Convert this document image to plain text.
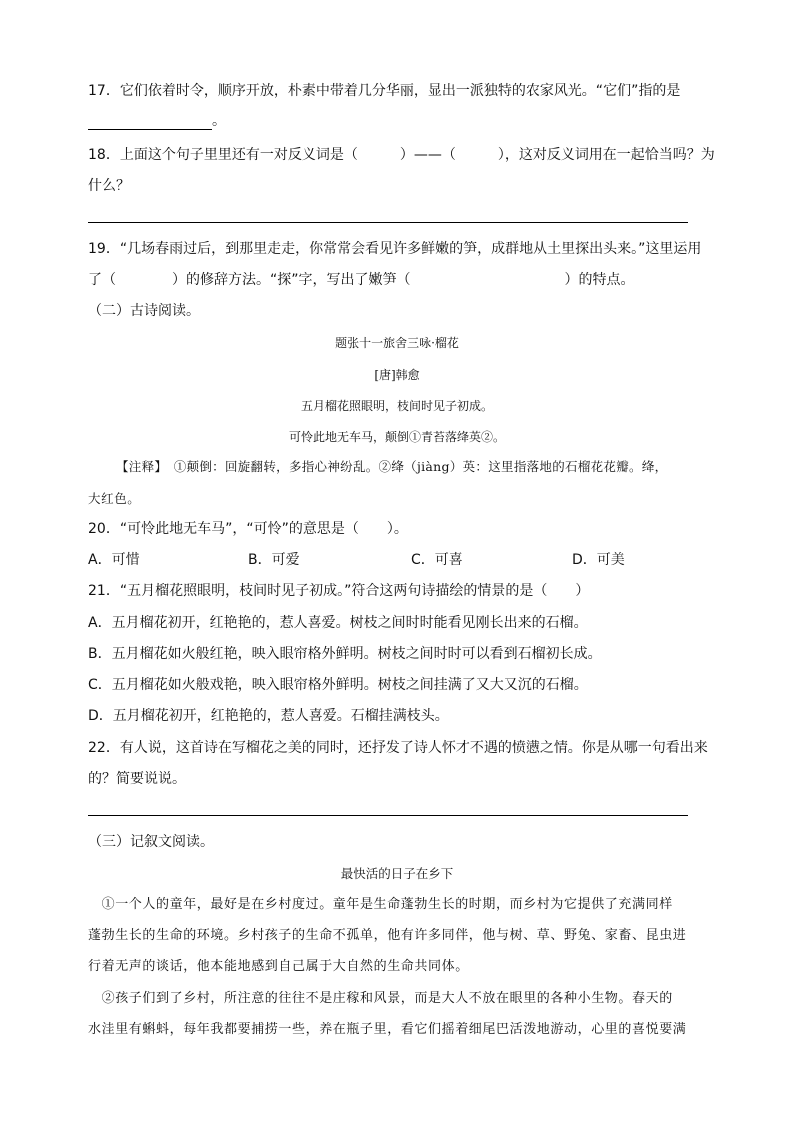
17．它们依着时令，顺序开放，朴素中带着几分华丽，显出一派独特的农家风光。“它们”指的是
。
18．上面这个句子里里还有一对反义词是（　　　）——（　　　），这对反义词用在一起恰当吗？为
什么？
19．“几场春雨过后，到那里走走，你常常会看见许多鲜嫩的笋，成群地从土里探出头来。”这里运用
了（　　　　）的修辞方法。“探”字，写出了嫩笋（　　　　　　　　　　　）的特点。
（二）古诗阅读。
题张十一旅舍三咏·榴花
[唐]韩愈
五月榴花照眼明，枝间时见子初成。
可怜此地无车马，颠倒①青苔落绛英②。
【注释】　①颠倒：回旋翻转，多指心神纷乱。②绛（jiàng）英：这里指落地的石榴花花瓣。绛，
大红色。
20．“可怜此地无车马”，“可怜”的意思是（　　）。
A．可惜	B．可爱	C．可喜	D．可美
21．“五月榴花照眼明，枝间时见子初成。”符合这两句诗描绘的情景的是（　　）
A．五月榴花初开，红艳艳的，惹人喜爱。树枝之间时时能看见刚长出来的石榴。
B．五月榴花如火般红艳，映入眼帘格外鲜明。树枝之间时时可以看到石榴初长成。
C．五月榴花如火般戏艳，映入眼帘格外鲜明。树枝之间挂满了又大又沉的石榴。
D．五月榴花初开，红艳艳的，惹人喜爱。石榴挂满枝头。
22．有人说，这首诗在写榴花之美的同时，还抒发了诗人怀才不遇的愤懑之情。你是从哪一句看出来
的？简要说说。
（三）记叙文阅读。
最快活的日子在乡下
　①一个人的童年，最好是在乡村度过。童年是生命蓬勃生长的时期，而乡村为它提供了充满同样
蓬勃生长的生命的环境。乡村孩子的生命不孤单，他有许多同伴，他与树、草、野兔、家畜、昆虫进
行着无声的谈话，他本能地感到自己属于大自然的生命共同体。
　②孩子们到了乡村，所注意的往往不是庄稼和风景，而是大人不放在眼里的各种小生物。春天的
水洼里有蝌蚪，每年我都要捕捞一些，养在瓶子里，看它们摇着细尾巴活泼地游动，心里的喜悦要满
